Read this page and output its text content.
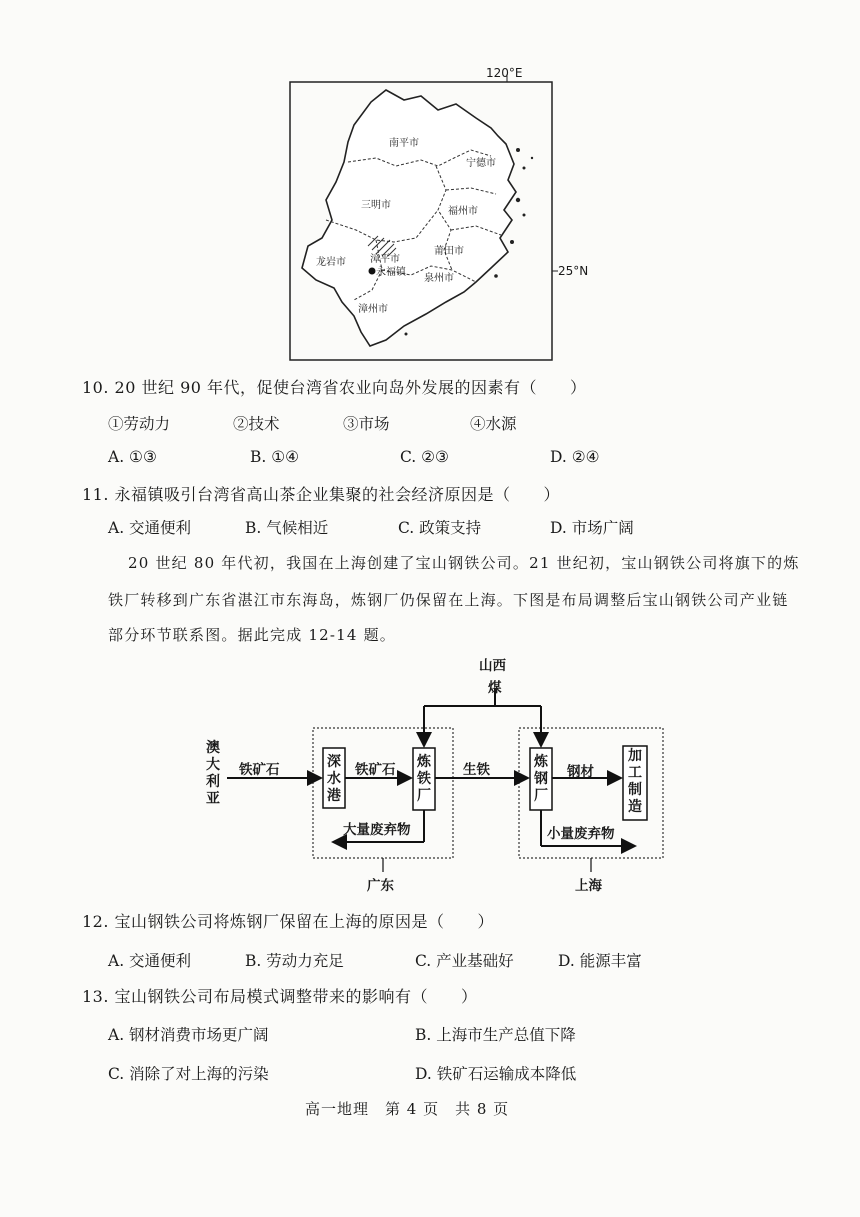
120°E
南平市
宁德市
三明市
福州市
龙岩市 漳平市
永福镇
莆田市
泉州市
漳州市
25°N
10. 20 世纪 90 年代，促使台湾省农业向岛外发展的因素有（　　）
①劳动力	②技术	③市场	④水源
A. ①③	B. ①④	C. ②③	D. ②④
11. 永福镇吸引台湾省高山茶企业集聚的社会经济原因是（　　）
A. 交通便利	B. 气候相近	C. 政策支持	D. 市场广阔
20 世纪 80 年代初，我国在上海创建了宝山钢铁公司。21 世纪初，宝山钢铁公司将旗下的炼
铁厂转移到广东省湛江市东海岛，炼钢厂仍保留在上海。下图是布局调整后宝山钢铁公司产业链
部分环节联系图。据此完成 12-14 题。
山西
煤
澳
大
利
亚
铁矿石	深
水
港
铁矿石 炼
铁
厂
生铁	炼
钢
厂
钢材
加
工
制
造
大量废弃物	小量废弃物
广东	上海
12. 宝山钢铁公司将炼钢厂保留在上海的原因是（　　）
A. 交通便利	B. 劳动力充足	C. 产业基础好	D. 能源丰富
13. 宝山钢铁公司布局模式调整带来的影响有（　　）
A. 钢材消费市场更广阔	B. 上海市生产总值下降
C. 消除了对上海的污染	D. 铁矿石运输成本降低
高一地理　第 4 页　共 8 页
